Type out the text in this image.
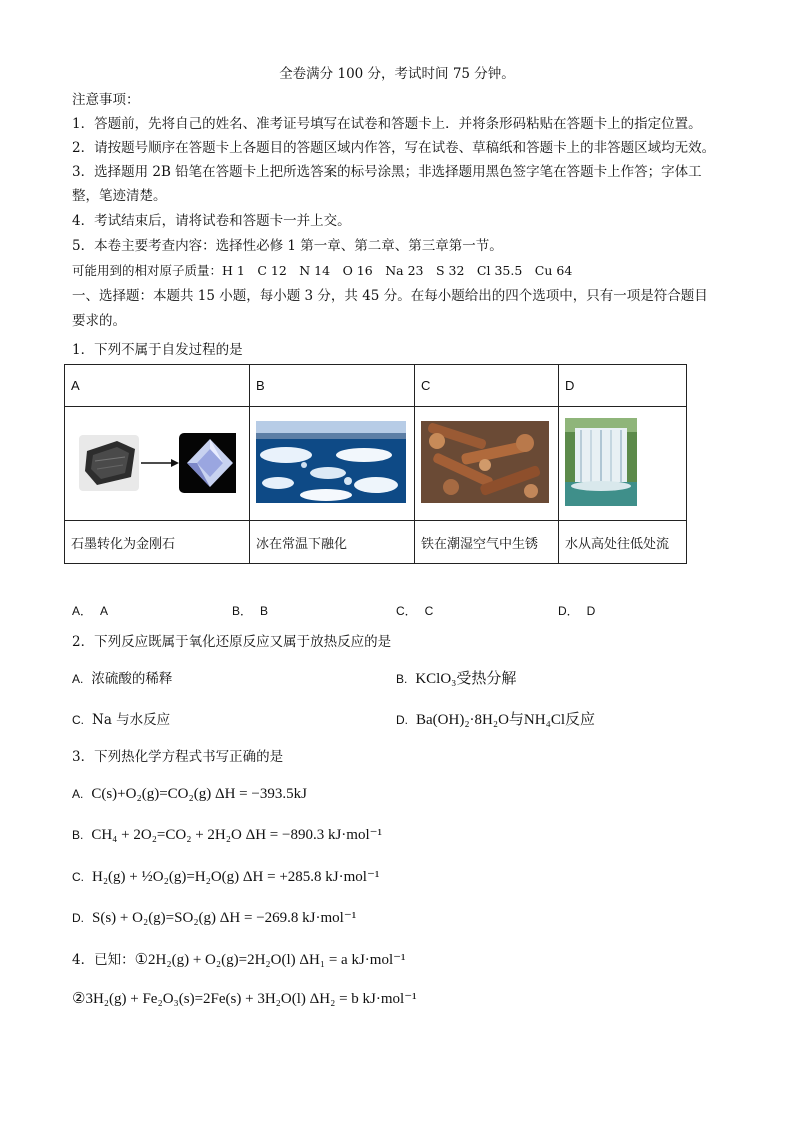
全卷满分 100 分，考试时间 75 分钟。
注意事项：
1．答题前，先将自己的姓名、准考证号填写在试卷和答题卡上．并将条形码粘贴在答题卡上的指定位置。
2．请按题号顺序在答题卡上各题目的答题区域内作答，写在试卷、草稿纸和答题卡上的非答题区域均无效。
3．选择题用 2B 铅笔在答题卡上把所选答案的标号涂黑；非选择题用黑色签字笔在答题卡上作答；字体工
整，笔迹清楚。
4．考试结束后，请将试卷和答题卡一并上交。
5．本卷主要考查内容：选择性必修 1 第一章、第二章、第三章第一节。
可能用到的相对原子质量：H 1　C 12　N 14　O 16　Na 23　S 32　Cl 35.5　Cu 64
一、选择题：本题共 15 小题，每小题 3 分，共 45 分。在每小题给出的四个选项中，只有一项是符合题目
要求的。
1．下列不属于自发过程的是
A	B	C	D

石墨转化为金刚石	冰在常温下融化	铁在潮湿空气中生锈	水从高处往低处流
A． A	B． B	C． C	D． D
2．下列反应既属于氧化还原反应又属于放热反应的是
A. 浓硫酸的稀释	B. KClO₃受热分解
C. Na 与水反应	D. Ba(OH)₂·8H₂O与NH₄Cl反应
3．下列热化学方程式书写正确的是
A. C(s)+O₂(g)=CO₂(g) ΔH = −393.5kJ
B. CH₄ + 2O₂=CO₂ + 2H₂O ΔH = −890.3 kJ·mol⁻¹
C. H₂(g) + ½O₂(g)=H₂O(g) ΔH = +285.8 kJ·mol⁻¹
D. S(s) + O₂(g)=SO₂(g) ΔH = −269.8 kJ·mol⁻¹
4．已知：①2H₂(g) + O₂(g)=2H₂O(l) ΔH₁ = a kJ·mol⁻¹
②3H₂(g) + Fe₂O₃(s)=2Fe(s) + 3H₂O(l) ΔH₂ = b kJ·mol⁻¹
